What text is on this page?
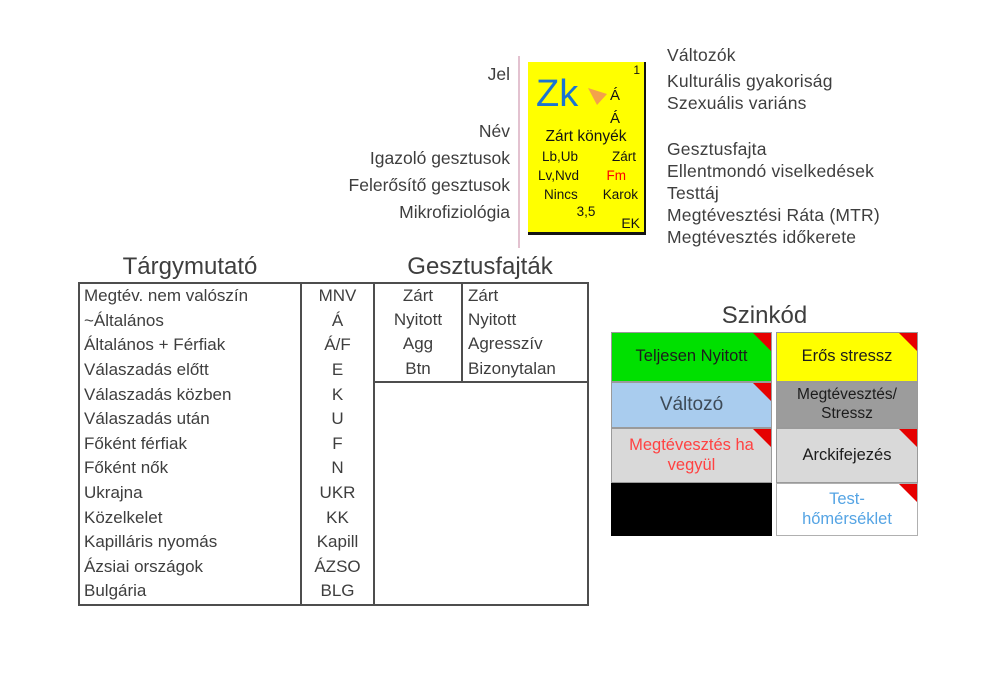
Jel
Név
Igazoló gesztusok
Felerősítő gesztusok
Mikrofiziológia
1
Zk Á
Á
Zárt könyék
Lb,Ub	Zárt
Lv,Nvd Fm
Nincs Karok
3,5
EK
Változók
Kulturális gyakoriság
Szexuális variáns
Gesztusfajta
Ellentmondó viselkedések
Testtáj
Megtévesztési Ráta (MTR)
Megtévesztés időkerete
Tárgymutató	Gesztusfajták
Megtév. nem valószín	MNV
~Általános	Á
Általános + Férfiak	Á/F
Válaszadás előtt	E
Válaszadás közben	K
Válaszadás után	U
Főként férfiak	F
Főként nők	N
Ukrajna	UKR
Közelkelet	KK
Kapilláris nyomás	Kapill
Ázsiai országok	ÁZSO
Bulgária	BLG
Zárt	Zárt
Nyitott	Nyitott
Agg	Agresszív
Btn	Bizonytalan
Szinkód
Teljesen Nyitott	Erős stressz
Változó	Megtévesztés/
Stressz
Megtévesztés ha
vegyül
Arckifejezés
Test-
hőmérséklet
